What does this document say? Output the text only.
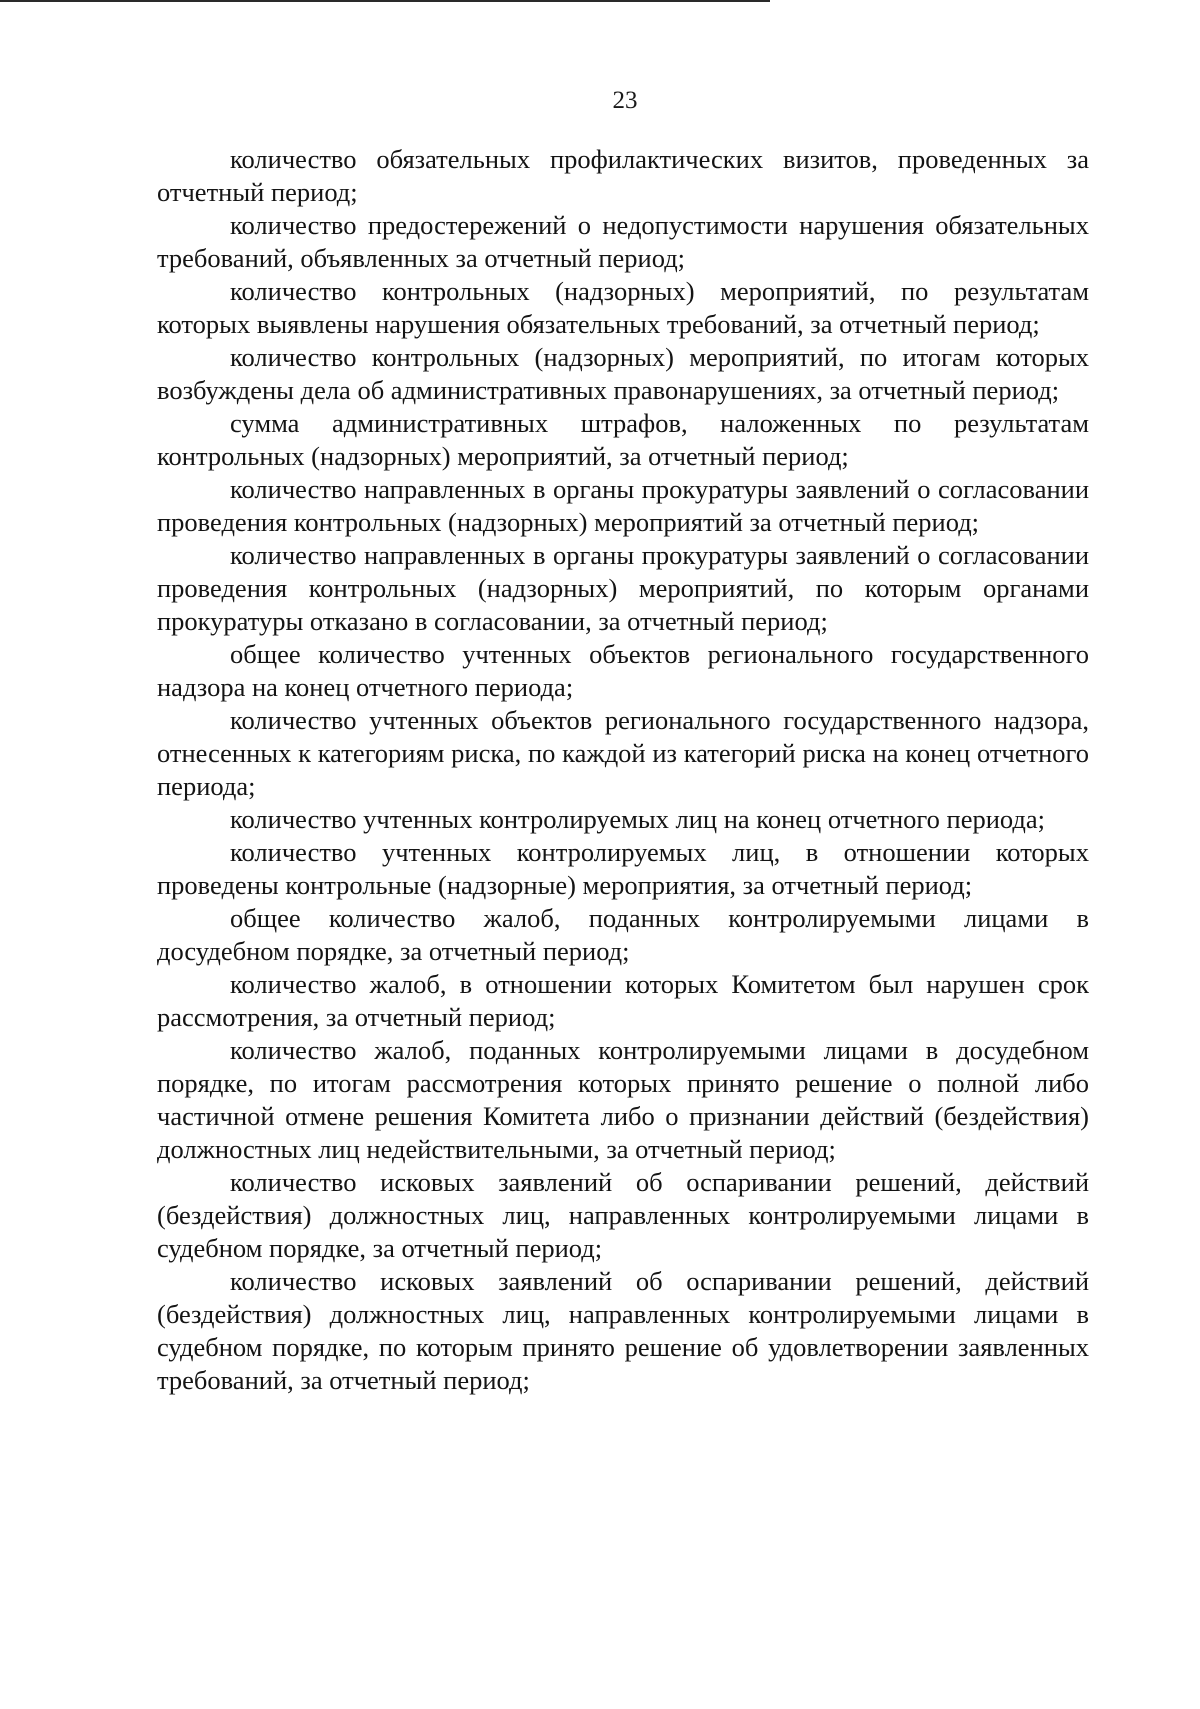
23

количество обязательных профилактических визитов, проведенных за отчетный период;

количество предостережений о недопустимости нарушения обязательных требований, объявленных за отчетный период;

количество контрольных (надзорных) мероприятий, по результатам которых выявлены нарушения обязательных требований, за отчетный период;

количество контрольных (надзорных) мероприятий, по итогам которых возбуждены дела об административных правонарушениях, за отчетный период;

сумма административных штрафов, наложенных по результатам контрольных (надзорных) мероприятий, за отчетный период;

количество направленных в органы прокуратуры заявлений о согласовании проведения контрольных (надзорных) мероприятий за отчетный период;

количество направленных в органы прокуратуры заявлений о согласовании проведения контрольных (надзорных) мероприятий, по которым органами прокуратуры отказано в согласовании, за отчетный период;

общее количество учтенных объектов регионального государственного надзора на конец отчетного периода;

количество учтенных объектов регионального государственного надзора, отнесенных к категориям риска, по каждой из категорий риска на конец отчетного периода;

количество учтенных контролируемых лиц на конец отчетного периода;

количество учтенных контролируемых лиц, в отношении которых проведены контрольные (надзорные) мероприятия, за отчетный период;

общее количество жалоб, поданных контролируемыми лицами в досудебном порядке, за отчетный период;

количество жалоб, в отношении которых Комитетом был нарушен срок рассмотрения, за отчетный период;

количество жалоб, поданных контролируемыми лицами в досудебном порядке, по итогам рассмотрения которых принято решение о полной либо частичной отмене решения Комитета либо о признании действий (бездействия) должностных лиц недействительными, за отчетный период;

количество исковых заявлений об оспаривании решений, действий (бездействия) должностных лиц, направленных контролируемыми лицами в судебном порядке, за отчетный период;

количество исковых заявлений об оспаривании решений, действий (бездействия) должностных лиц, направленных контролируемыми лицами в судебном порядке, по которым принято решение об удовлетворении заявленных требований, за отчетный период;
